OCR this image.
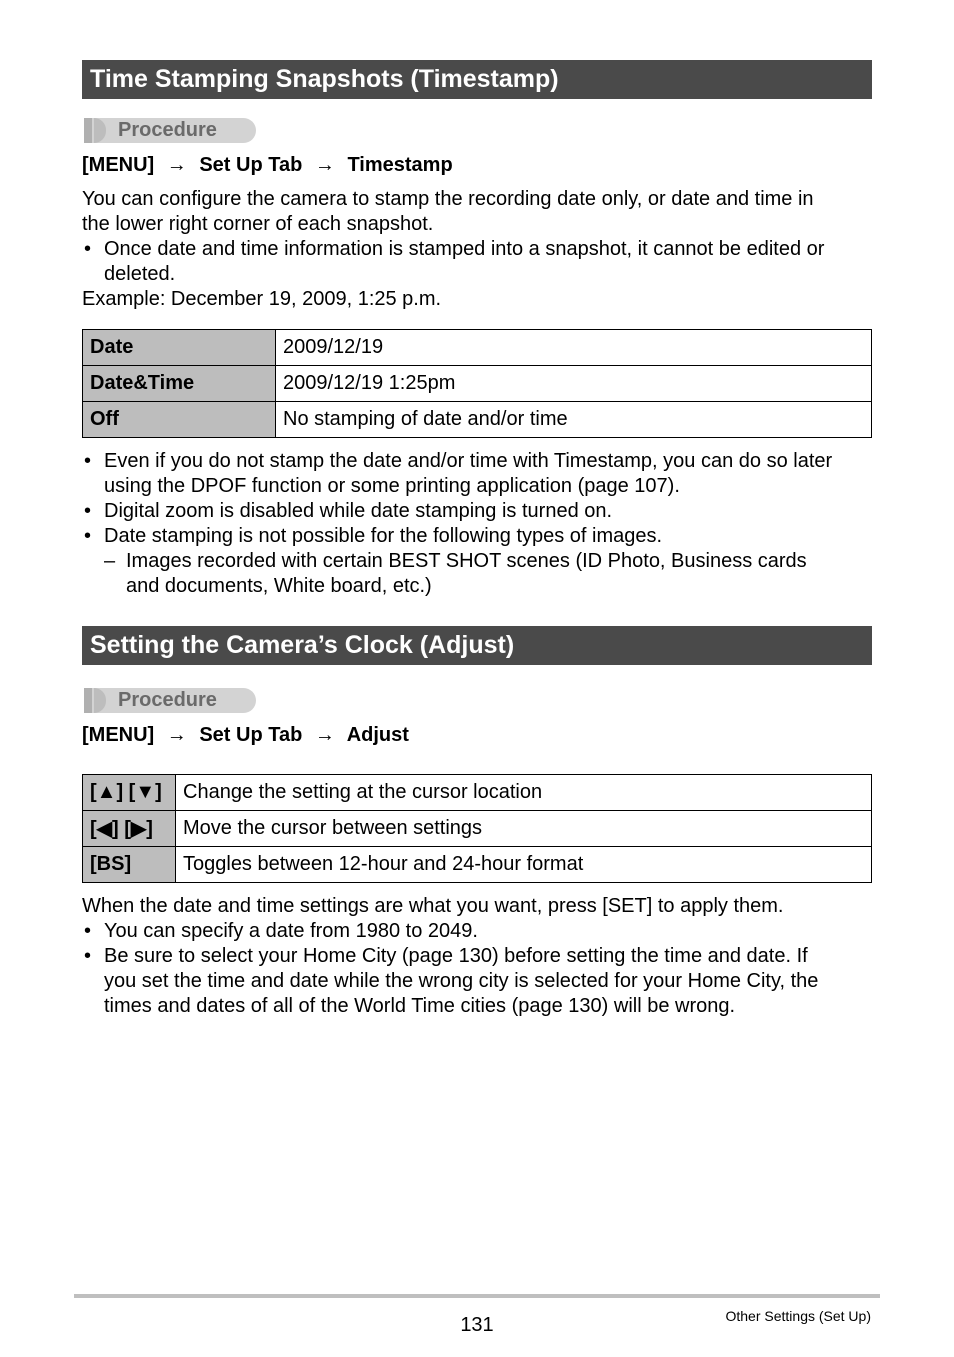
Time Stamping Snapshots (Timestamp)
Procedure
[MENU] → Set Up Tab → Timestamp
You can configure the camera to stamp the recording date only, or date and time in
the lower right corner of each snapshot.
• Once date and time information is stamped into a snapshot, it cannot be edited or
deleted.
Example: December 19, 2009, 1:25 p.m.
Date	2009/12/19
Date&Time	2009/12/19 1:25pm
Off	No stamping of date and/or time
• Even if you do not stamp the date and/or time with Timestamp, you can do so later
using the DPOF function or some printing application (page 107).
• Digital zoom is disabled while date stamping is turned on.
• Date stamping is not possible for the following types of images.
– Images recorded with certain BEST SHOT scenes (ID Photo, Business cards
and documents, White board, etc.)
Setting the Camera’s Clock (Adjust)
Procedure
[MENU] → Set Up Tab → Adjust
[▲] [▼]	Change the setting at the cursor location
[◀] [▶]	Move the cursor between settings
[BS]	Toggles between 12-hour and 24-hour format
When the date and time settings are what you want, press [SET] to apply them.
• You can specify a date from 1980 to 2049.
• Be sure to select your Home City (page 130) before setting the time and date. If
you set the time and date while the wrong city is selected for your Home City, the
times and dates of all of the World Time cities (page 130) will be wrong.
131	Other Settings (Set Up)
